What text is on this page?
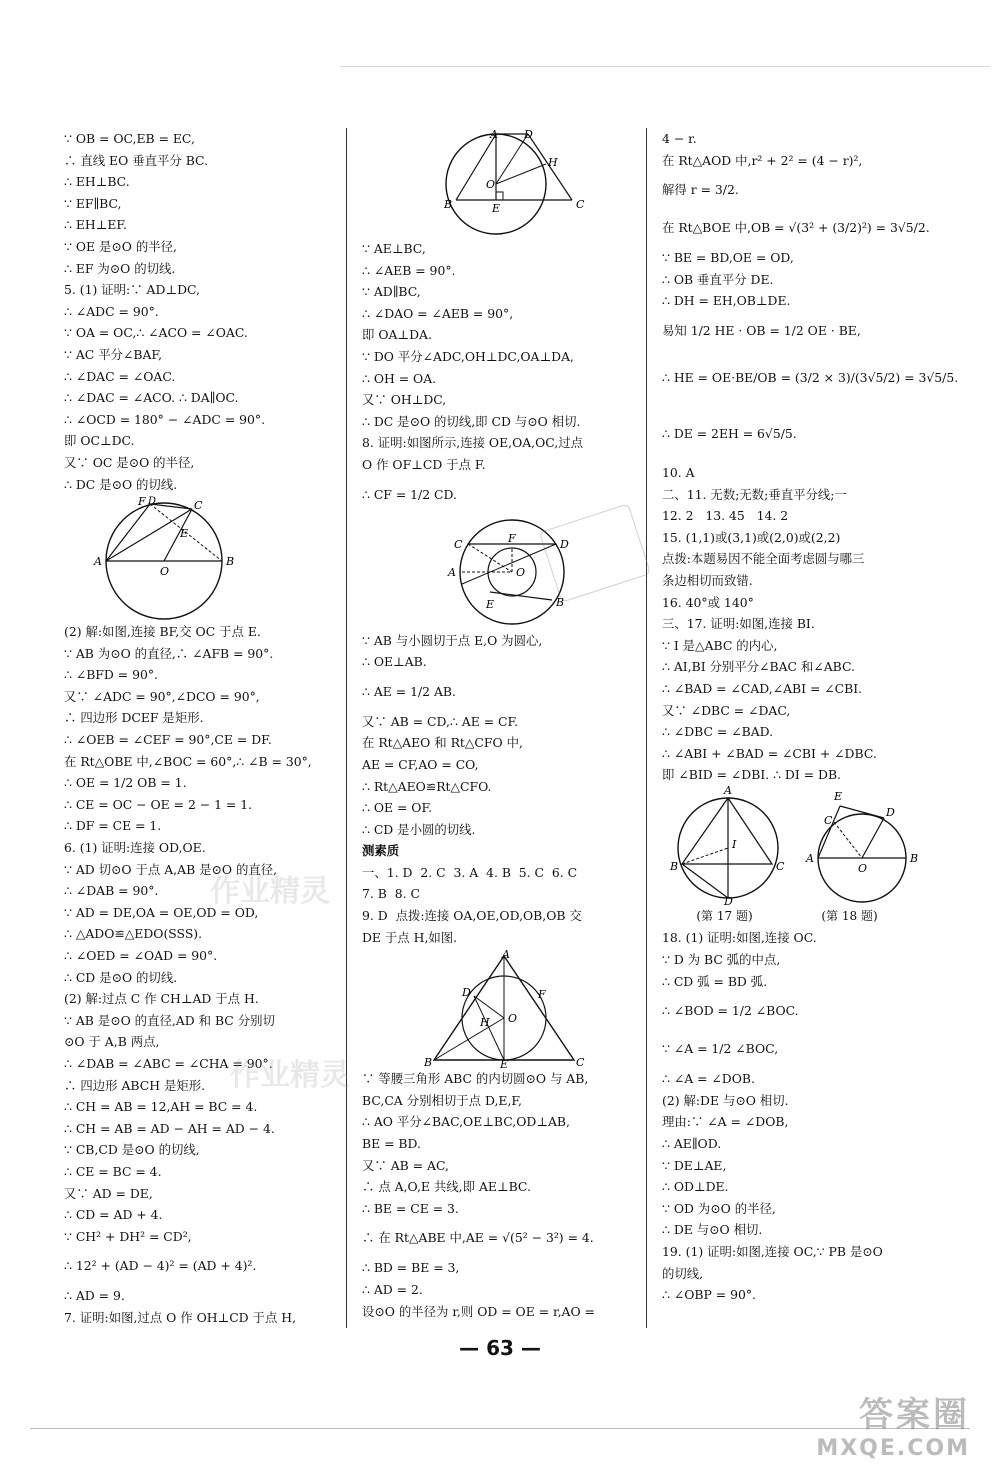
∵ OB = OC,EB = EC,
∴ 直线 EO 垂直平分 BC.
∴ EH⊥BC.
∵ EF∥BC,
∴ EH⊥EF.
∵ OE 是⊙O 的半径,
∴ EF 为⊙O 的切线.
5. (1) 证明:∵ AD⊥DC,
∴ ∠ADC = 90°.
∵ OA = OC,∴ ∠ACO = ∠OAC.
∵ AC 平分∠BAF,
∴ ∠DAC = ∠OAC.
∴ ∠DAC = ∠ACO. ∴ DA∥OC.
∴ ∠OCD = 180° − ∠ADC = 90°.
即 OC⊥DC.
又∵ OC 是⊙O 的半径,
∴ DC 是⊙O 的切线.
A	B
O
F D	C
E
(2) 解:如图,连接 BF,交 OC 于点 E.
∵ AB 为⊙O 的直径,∴ ∠AFB = 90°.
∴ ∠BFD = 90°.
又∵ ∠ADC = 90°,∠DCO = 90°,
∴ 四边形 DCEF 是矩形.
∴ ∠OEB = ∠CEF = 90°,CE = DF.
在 Rt△OBE 中,∠BOC = 60°,∴ ∠B = 30°,
∴ OE = 1/2 OB = 1.
∴ CE = OC − OE = 2 − 1 = 1.
∴ DF = CE = 1.
6. (1) 证明:连接 OD,OE.
∵ AD 切⊙O 于点 A,AB 是⊙O 的直径,
∴ ∠DAB = 90°.
∵ AD = DE,OA = OE,OD = OD,
∴ △ADO≌△EDO(SSS).
∴ ∠OED = ∠OAD = 90°.
∴ CD 是⊙O 的切线.
(2) 解:过点 C 作 CH⊥AD 于点 H.
∵ AB 是⊙O 的直径,AD 和 BC 分别切
⊙O 于 A,B 两点,
∴ ∠DAB = ∠ABC = ∠CHA = 90°.
∴ 四边形 ABCH 是矩形.
∴ CH = AB = 12,AH = BC = 4.
∴ CH = AB = AD − AH = AD − 4.
∵ CB,CD 是⊙O 的切线,
∴ CE = BC = 4.
又∵ AD = DE,
∴ CD = AD + 4.
∵ CH² + DH² = CD²,
∴ 12² + (AD − 4)² = (AD + 4)².
∴ AD = 9.
7. 证明:如图,过点 O 作 OH⊥CD 于点 H,
A D
H
B	C
E
O
∵ AE⊥BC,
∴ ∠AEB = 90°.
∵ AD∥BC,
∴ ∠DAO = ∠AEB = 90°,
即 OA⊥DA.
∵ DO 平分∠ADC,OH⊥DC,OA⊥DA,
∴ OH = OA.
又∵ OH⊥DC,
∴ DC 是⊙O 的切线,即 CD 与⊙O 相切.
8. 证明:如图所示,连接 OE,OA,OC,过点
O 作 OF⊥CD 于点 F.
∴ CF = 1/2 CD.
C
A
F	D
O
E	B
∵ AB 与小圆切于点 E,O 为圆心,
∴ OE⊥AB.
∴ AE = 1/2 AB.
又∵ AB = CD,∴ AE = CF.
在 Rt△AEO 和 Rt△CFO 中,
AE = CF,AO = CO,
∴ Rt△AEO≌Rt△CFO.
∴ OE = OF.
∴ CD 是小圆的切线.
测素质
一、1. D  2. C  3. A  4. B  5. C  6. C
7. B  8. C
9. D  点拨:连接 OA,OE,OD,OB,OB 交
DE 于点 H,如图.
A
D	F
H O
B	E	C
∵ 等腰三角形 ABC 的内切圆⊙O 与 AB,
BC,CA 分别相切于点 D,E,F,
∴ AO 平分∠BAC,OE⊥BC,OD⊥AB,
BE = BD.
又∵ AB = AC,
∴ 点 A,O,E 共线,即 AE⊥BC.
∴ BE = CE = 3.
∴ 在 Rt△ABE 中,AE = √(5² − 3²) = 4.
∴ BD = BE = 3,
∴ AD = 2.
设⊙O 的半径为 r,则 OD = OE = r,AO =
4 − r.
在 Rt△AOD 中,r² + 2² = (4 − r)²,
解得 r = 3/2.
在 Rt△BOE 中,OB = √(3² + (3/2)²) = 3√5/2.
∵ BE = BD,OE = OD,
∴ OB 垂直平分 DE.
∴ DH = EH,OB⊥DE.
易知 1/2 HE · OB = 1/2 OE · BE,
∴ HE = OE·BE/OB = (3/2 × 3)/(3√5/2) = 3√5/5.
∴ DE = 2EH = 6√5/5.
10. A
二、11. 无数;无数;垂直平分线;一
12. 2   13. 45   14. 2
15. (1,1)或(3,1)或(2,0)或(2,2)
点拨:本题易因不能全面考虑圆与哪三
条边相切而致错.
16. 40°或 140°
三、17. 证明:如图,连接 BI.
∵ I 是△ABC 的内心,
∴ AI,BI 分别平分∠BAC 和∠ABC.
∴ ∠BAD = ∠CAD,∠ABI = ∠CBI.
又∵ ∠DBC = ∠DAC,
∴ ∠DBC = ∠BAD.
∴ ∠ABI + ∠BAD = ∠CBI + ∠DBC.
即 ∠BID = ∠DBI. ∴ DI = DB.
A
B	C
I
D
E
C
D
A
O
B
(第 17 题)	(第 18 题)
18. (1) 证明:如图,连接 OC.
∵ D 为 BC 弧的中点,
∴ CD 弧 = BD 弧.
∴ ∠BOD = 1/2 ∠BOC.
∵ ∠A = 1/2 ∠BOC,
∴ ∠A = ∠DOB.
(2) 解:DE 与⊙O 相切.
理由:∵ ∠A = ∠DOB,
∴ AE∥OD.
∵ DE⊥AE,
∴ OD⊥DE.
∵ OD 为⊙O 的半径,
∴ DE 与⊙O 相切.
19. (1) 证明:如图,连接 OC,∵ PB 是⊙O
的切线,
∴ ∠OBP = 90°.
作业精灵
作业精灵
— 63 —
答案圈
MXQE.COM
